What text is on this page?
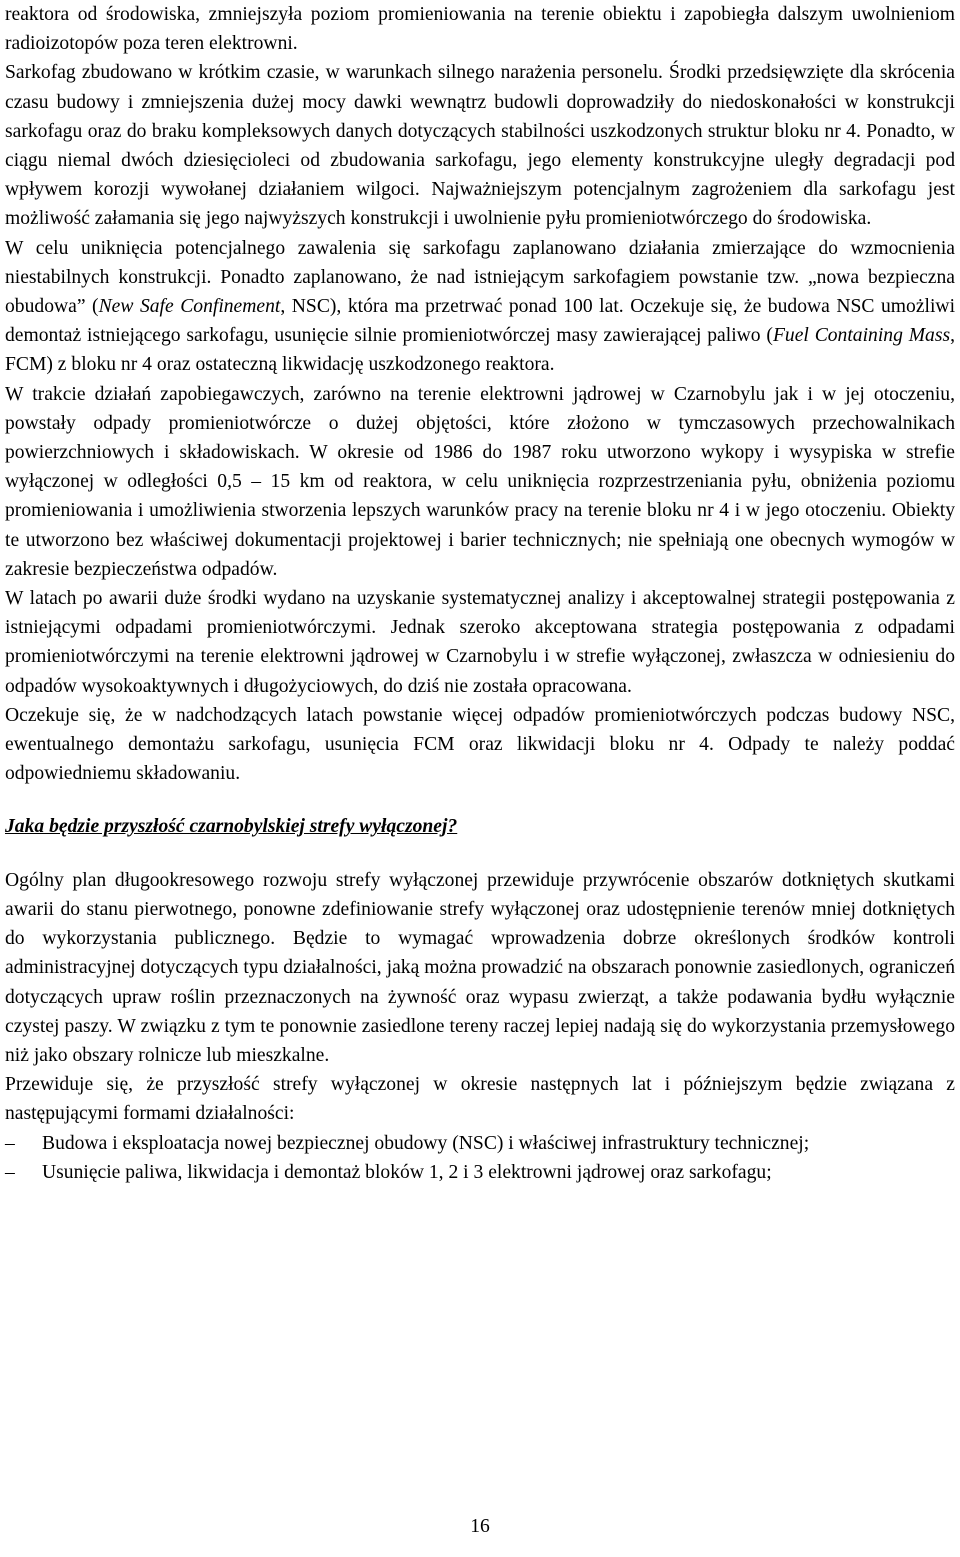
reaktora od środowiska, zmniejszyła poziom promieniowania na terenie obiektu i zapobiegła dalszym uwolnieniom radioizotopów poza teren elektrowni.

Sarkofag zbudowano w krótkim czasie, w warunkach silnego narażenia personelu. Środki przedsięwzięte dla skrócenia czasu budowy i zmniejszenia dużej mocy dawki wewnątrz budowli doprowadziły do niedoskonałości w konstrukcji sarkofagu oraz do braku kompleksowych danych dotyczących stabilności uszkodzonych struktur bloku nr 4. Ponadto, w ciągu niemal dwóch dziesięcioleci od zbudowania sarkofagu, jego elementy konstrukcyjne uległy degradacji pod wpływem korozji wywołanej działaniem wilgoci. Najważniejszym potencjalnym zagrożeniem dla sarkofagu jest możliwość załamania się jego najwyższych konstrukcji i uwolnienie pyłu promieniotwórczego do środowiska.

W celu uniknięcia potencjalnego zawalenia się sarkofagu zaplanowano działania zmierzające do wzmocnienia niestabilnych konstrukcji. Ponadto zaplanowano, że nad istniejącym sarkofagiem powstanie tzw. „nowa bezpieczna obudowa” (New Safe Confinement, NSC), która ma przetrwać ponad 100 lat. Oczekuje się, że budowa NSC umożliwi demontaż istniejącego sarkofagu, usunięcie silnie promieniotwórczej masy zawierającej paliwo (Fuel Containing Mass, FCM) z bloku nr 4 oraz ostateczną likwidację uszkodzonego reaktora.

W trakcie działań zapobiegawczych, zarówno na terenie elektrowni jądrowej w Czarnobylu jak i w jej otoczeniu, powstały odpady promieniotwórcze o dużej objętości, które złożono w tymczasowych przechowalnikach powierzchniowych i składowiskach. W okresie od 1986 do 1987 roku utworzono wykopy i wysypiska w strefie wyłączonej w odległości 0,5 – 15 km od reaktora, w celu uniknięcia rozprzestrzeniania pyłu, obniżenia poziomu promieniowania i umożliwienia stworzenia lepszych warunków pracy na terenie bloku nr 4 i w jego otoczeniu. Obiekty te utworzono bez właściwej dokumentacji projektowej i barier technicznych; nie spełniają one obecnych wymogów w zakresie bezpieczeństwa odpadów.

W latach po awarii duże środki wydano na uzyskanie systematycznej analizy i akceptowalnej strategii postępowania z istniejącymi odpadami promieniotwórczymi. Jednak szeroko akceptowana strategia postępowania z odpadami promieniotwórczymi na terenie elektrowni jądrowej w Czarnobylu i w strefie wyłączonej, zwłaszcza w odniesieniu do odpadów wysokoaktywnych i długożyciowych, do dziś nie została opracowana.

Oczekuje się, że w nadchodzących latach powstanie więcej odpadów promieniotwórczych podczas budowy NSC, ewentualnego demontażu sarkofagu, usunięcia FCM oraz likwidacji bloku nr 4. Odpady te należy poddać odpowiedniemu składowaniu.

Jaka będzie przyszłość czarnobylskiej strefy wyłączonej?

Ogólny plan długookresowego rozwoju strefy wyłączonej przewiduje przywrócenie obszarów dotkniętych skutkami awarii do stanu pierwotnego, ponowne zdefiniowanie strefy wyłączonej oraz udostępnienie terenów mniej dotkniętych do wykorzystania publicznego. Będzie to wymagać wprowadzenia dobrze określonych środków kontroli administracyjnej dotyczących typu działalności, jaką można prowadzić na obszarach ponownie zasiedlonych, ograniczeń dotyczących upraw roślin przeznaczonych na żywność oraz wypasu zwierząt, a także podawania bydłu wyłącznie czystej paszy. W związku z tym te ponownie zasiedlone tereny raczej lepiej nadają się do wykorzystania przemysłowego niż jako obszary rolnicze lub mieszkalne.

Przewiduje się, że przyszłość strefy wyłączonej w okresie następnych lat i późniejszym będzie związana z następującymi formami działalności:

–	Budowa i eksploatacja nowej bezpiecznej obudowy (NSC) i właściwej infrastruktury technicznej;
–	Usunięcie paliwa, likwidacja i demontaż bloków 1, 2 i 3 elektrowni jądrowej oraz sarkofagu;
16
